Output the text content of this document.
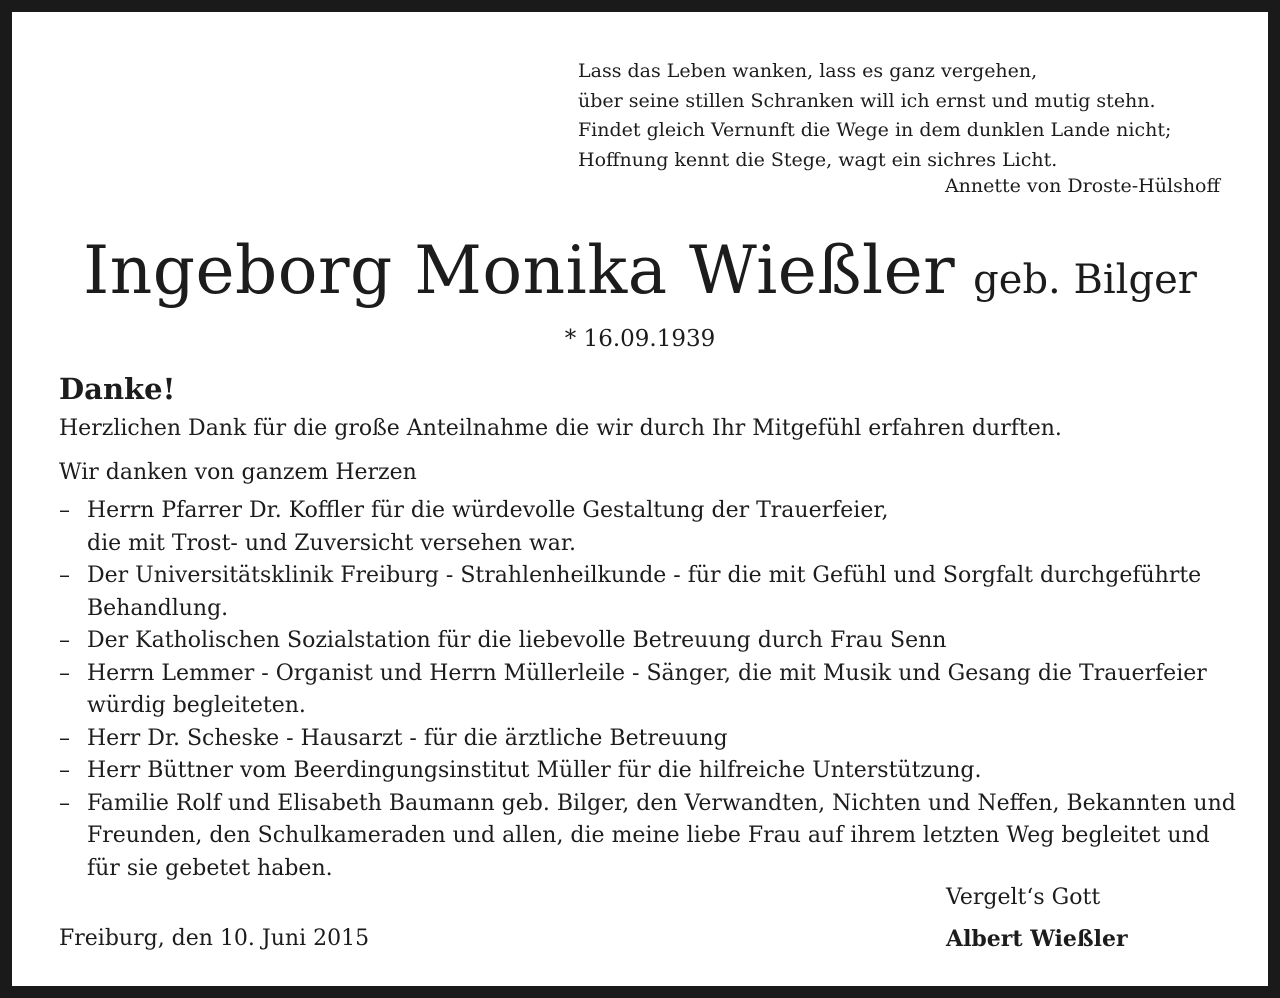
Lass das Leben wanken, lass es ganz vergehen,
über seine stillen Schranken will ich ernst und mutig stehn.
Findet gleich Vernunft die Wege in dem dunklen Lande nicht;
Hoffnung kennt die Stege, wagt ein sichres Licht.
Annette von Droste-Hülshoff
Ingeborg Monika Wießler geb. Bilger
* 16.09.1939
Danke!
Herzlichen Dank für die große Anteilnahme die wir durch Ihr Mitgefühl erfahren durften.
Wir danken von ganzem Herzen
– Herrn Pfarrer Dr. Koffler für die würdevolle Gestaltung der Trauerfeier,
die mit Trost- und Zuversicht versehen war.
– Der Universitätsklinik Freiburg - Strahlenheilkunde - für die mit Gefühl und Sorgfalt durchgeführte
Behandlung.
– Der Katholischen Sozialstation für die liebevolle Betreuung durch Frau Senn
– Herrn Lemmer - Organist und Herrn Müllerleile - Sänger, die mit Musik und Gesang die Trauerfeier
würdig begleiteten.
– Herr Dr. Scheske - Hausarzt - für die ärztliche Betreuung
– Herr Büttner vom Beerdingungsinstitut Müller für die hilfreiche Unterstützung.
– Familie Rolf und Elisabeth Baumann geb. Bilger, den Verwandten, Nichten und Neffen, Bekannten und
Freunden, den Schulkameraden und allen, die meine liebe Frau auf ihrem letzten Weg begleitet und
für sie gebetet haben.
Vergelt‘s Gott
Freiburg, den 10. Juni 2015	Albert Wießler
